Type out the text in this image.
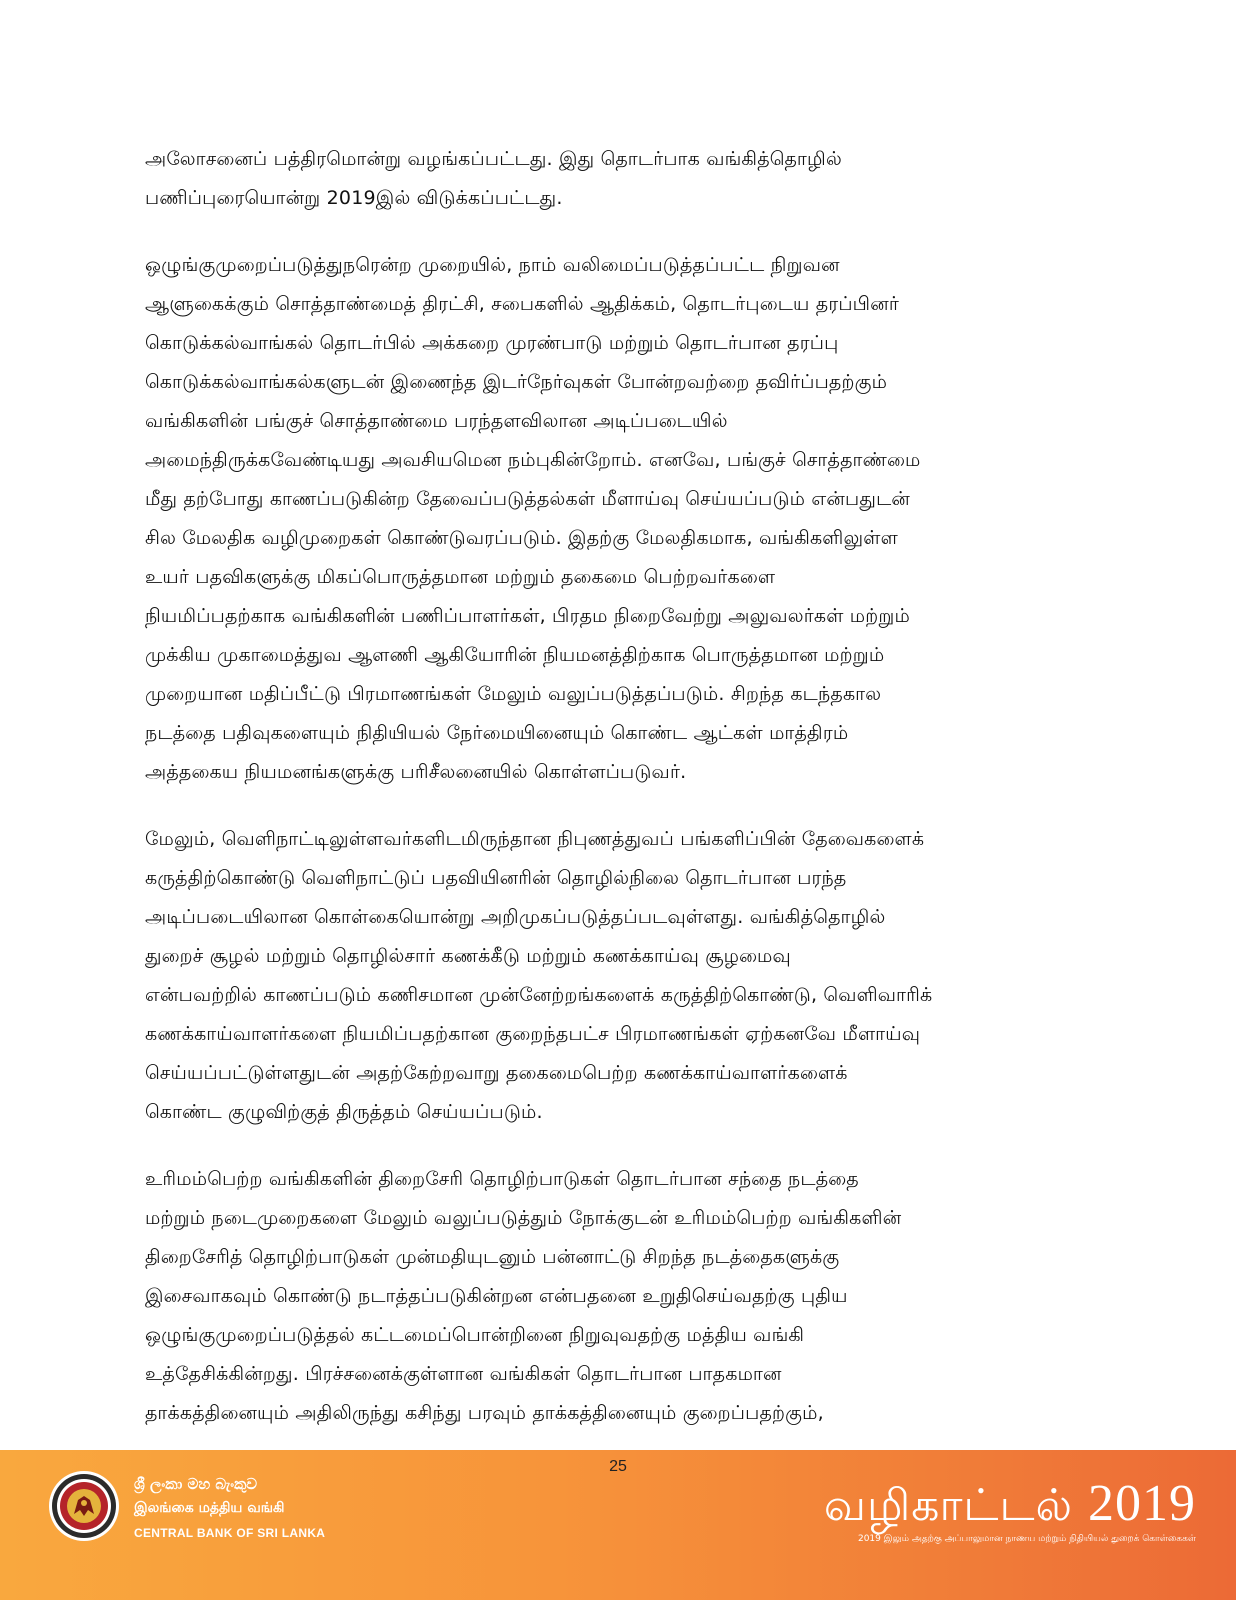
அலோசனைப் பத்திரமொன்று வழங்கப்பட்டது. இது தொடர்பாக வங்கித்தொழில்
பணிப்புரையொன்று 2019இல் விடுக்கப்பட்டது.

ஒழுங்குமுறைப்படுத்துநரென்ற முறையில், நாம் வலிமைப்படுத்தப்பட்ட நிறுவன
ஆளுகைக்கும் சொத்தாண்மைத் திரட்சி, சபைகளில் ஆதிக்கம், தொடர்புடைய தரப்பினர்
கொடுக்கல்வாங்கல் தொடர்பில் அக்கறை முரண்பாடு மற்றும் தொடர்பான தரப்பு
கொடுக்கல்வாங்கல்களுடன் இணைந்த இடர்நேர்வுகள் போன்றவற்றை தவிர்ப்பதற்கும்
வங்கிகளின் பங்குச் சொத்தாண்மை பரந்தளவிலான அடிப்படையில்
அமைந்திருக்கவேண்டியது அவசியமென நம்புகின்றோம். எனவே, பங்குச் சொத்தாண்மை
மீது தற்போது காணப்படுகின்ற தேவைப்படுத்தல்கள் மீளாய்வு செய்யப்படும் என்பதுடன்
சில மேலதிக வழிமுறைகள் கொண்டுவரப்படும். இதற்கு மேலதிகமாக, வங்கிகளிலுள்ள
உயர் பதவிகளுக்கு மிகப்பொருத்தமான மற்றும் தகைமை பெற்றவர்களை
நியமிப்பதற்காக வங்கிகளின் பணிப்பாளர்கள், பிரதம நிறைவேற்று அலுவலர்கள் மற்றும்
முக்கிய முகாமைத்துவ ஆளணி ஆகியோரின் நியமனத்திற்காக பொருத்தமான மற்றும்
முறையான மதிப்பீட்டு பிரமாணங்கள் மேலும் வலுப்படுத்தப்படும். சிறந்த கடந்தகால
நடத்தை பதிவுகளையும் நிதியியல் நேர்மையினையும் கொண்ட ஆட்கள் மாத்திரம்
அத்தகைய நியமனங்களுக்கு பரிசீலனையில் கொள்ளப்படுவர்.

மேலும், வெளிநாட்டிலுள்ளவர்களிடமிருந்தான நிபுணத்துவப் பங்களிப்பின் தேவைகளைக்
கருத்திற்கொண்டு வெளிநாட்டுப் பதவியினரின் தொழில்நிலை தொடர்பான பரந்த
அடிப்படையிலான கொள்கையொன்று அறிமுகப்படுத்தப்படவுள்ளது. வங்கித்தொழில்
துறைச் சூழல் மற்றும் தொழில்சார் கணக்கீடு மற்றும் கணக்காய்வு சூழமைவு
என்பவற்றில் காணப்படும் கணிசமான முன்னேற்றங்களைக் கருத்திற்கொண்டு, வெளிவாரிக்
கணக்காய்வாளர்களை நியமிப்பதற்கான குறைந்தபட்ச பிரமாணங்கள் ஏற்கனவே மீளாய்வு
செய்யப்பட்டுள்ளதுடன் அதற்கேற்றவாறு தகைமைபெற்ற கணக்காய்வாளர்களைக்
கொண்ட குழுவிற்குத் திருத்தம் செய்யப்படும்.

உரிமம்பெற்ற வங்கிகளின் திறைசேரி தொழிற்பாடுகள் தொடர்பான சந்தை நடத்தை
மற்றும் நடைமுறைகளை மேலும் வலுப்படுத்தும் நோக்குடன் உரிமம்பெற்ற வங்கிகளின்
திறைசேரித் தொழிற்பாடுகள் முன்மதியுடனும் பன்னாட்டு சிறந்த நடத்தைகளுக்கு
இசைவாகவும் கொண்டு நடாத்தப்படுகின்றன என்பதனை உறுதிசெய்வதற்கு புதிய
ஒழுங்குமுறைப்படுத்தல் கட்டமைப்பொன்றினை நிறுவுவதற்கு மத்திய வங்கி
உத்தேசிக்கின்றது. பிரச்சனைக்குள்ளான வங்கிகள் தொடர்பான பாதகமான
தாக்கத்தினையும் அதிலிருந்து கசிந்து பரவும் தாக்கத்தினையும் குறைப்பதற்கும்,

25
ශ්‍රී ලංකා මහ බැංකුව
இலங்கை மத்திய வங்கி
CENTRAL BANK OF SRI LANKA
வழிகாட்டல் 2019
2019 இலும் அதற்கு அப்பாலுமான நாணய மற்றும் நிதியியல் துறைக் கொள்கைகள்
